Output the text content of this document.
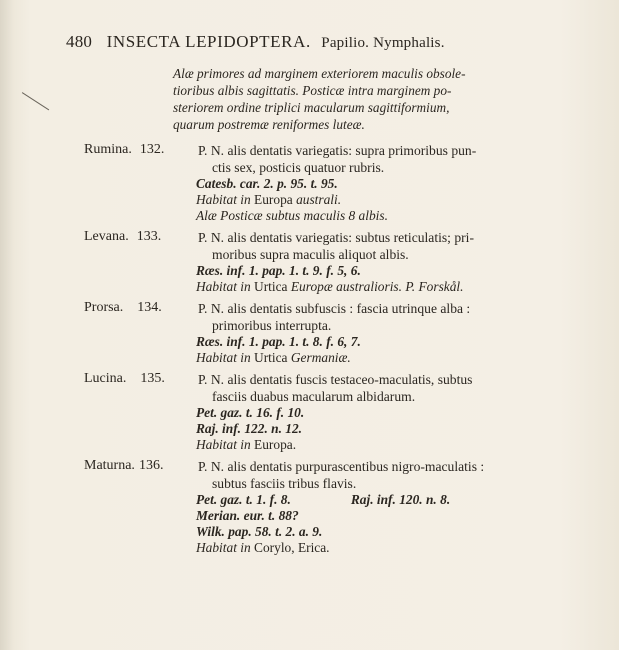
480 INSECTA LEPIDOPTERA. Papilio. Nymphalis.
Alæ primores ad marginem exteriorem maculis obsole-
tioribus albis sagittatis. Posticæ intra marginem po-
steriorem ordine triplici macularum sagittiformium,
quarum postremæ reniformes luteæ.
Rumina. 132. P. N. alis dentatis variegatis: supra primoribus pun-
ctis sex, posticis quatuor rubris.
Catesb. car. 2. p. 95. t. 95.
Habitat in Europa australi.
Alæ Posticæ subtus maculis 8 albis.
Levana. 133.	P. N. alis dentatis variegatis: subtus reticulatis; pri-
moribus supra maculis aliquot albis.
Ræs. inf. 1. pap. 1. t. 9. f. 5, 6.
Habitat in Urtica Europæ australioris. P. Forskål.
Prorsa. 134.	P. N. alis dentatis subfuscis : fascia utrinque alba :
primoribus interrupta.
Ræs. inf. 1. pap. 1. t. 8. f. 6, 7.
Habitat in Urtica Germaniæ.
Lucina. 135. P. N. alis dentatis fuscis testaceo-maculatis, subtus
fasciis duabus macularum albidarum.
Pet. gaz. t. 16. f. 10.
Raj. inf. 122. n. 12.
Habitat in Europa.
Maturna. 136.	P. N. alis dentatis purpurascentibus nigro-maculatis :
subtus fasciis tribus flavis.
Pet. gaz. t. 1. f. 8.	Raj. inf. 120. n. 8.
Merian. eur. t. 88?
Wilk. pap. 58. t. 2. a. 9.
Habitat in Corylo, Erica.
